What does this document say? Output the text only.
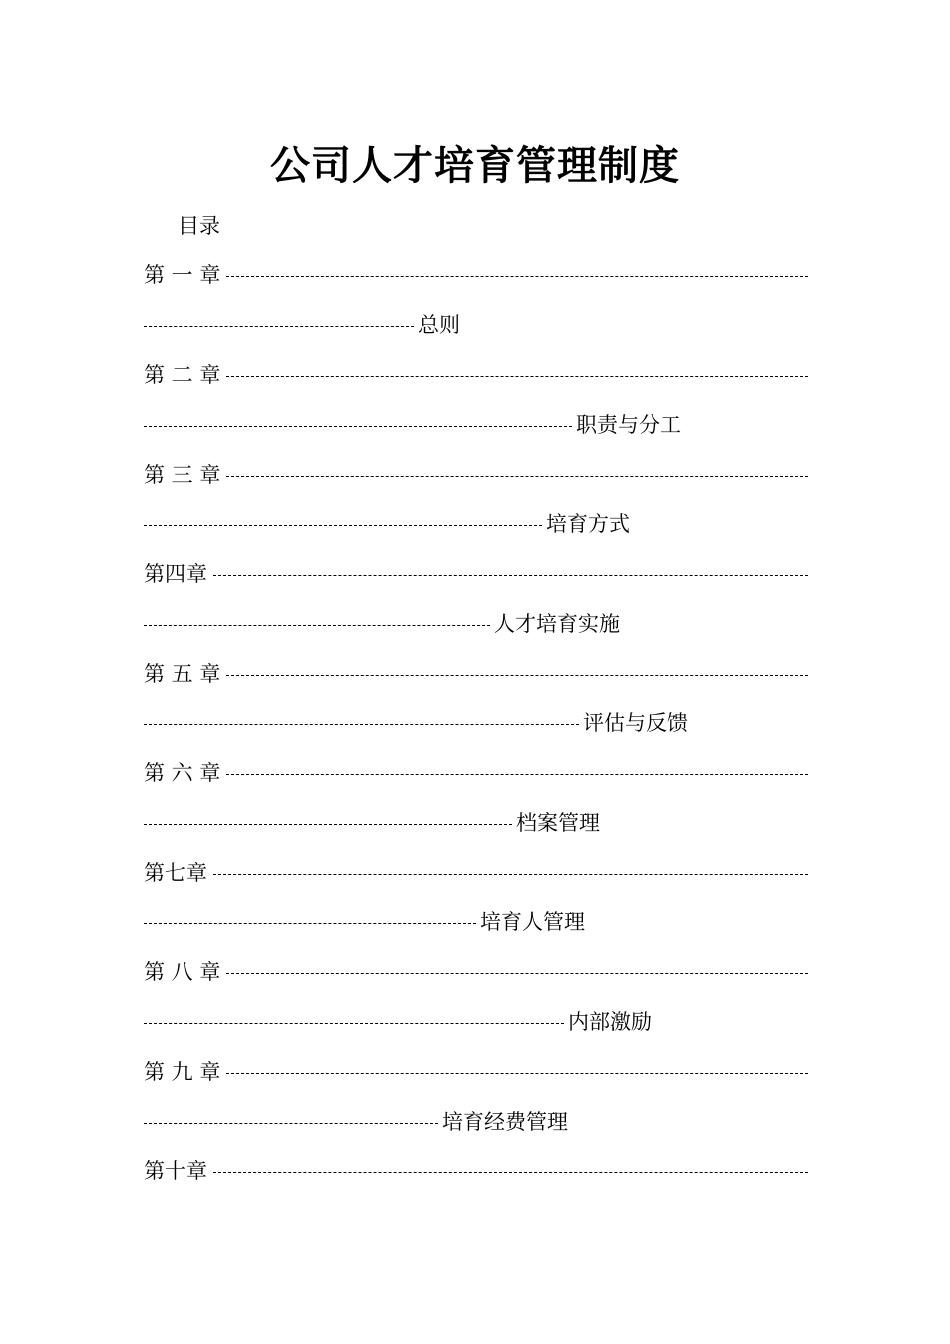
公司人才培育管理制度
目录
第 一 章
总则
第 二 章
职责与分工
第 三 章
培育方式
第四章
人才培育实施
第 五 章
评估与反馈
第 六 章
档案管理
第七章
培育人管理
第 八 章
内部激励
第 九 章
培育经费管理
第十章
